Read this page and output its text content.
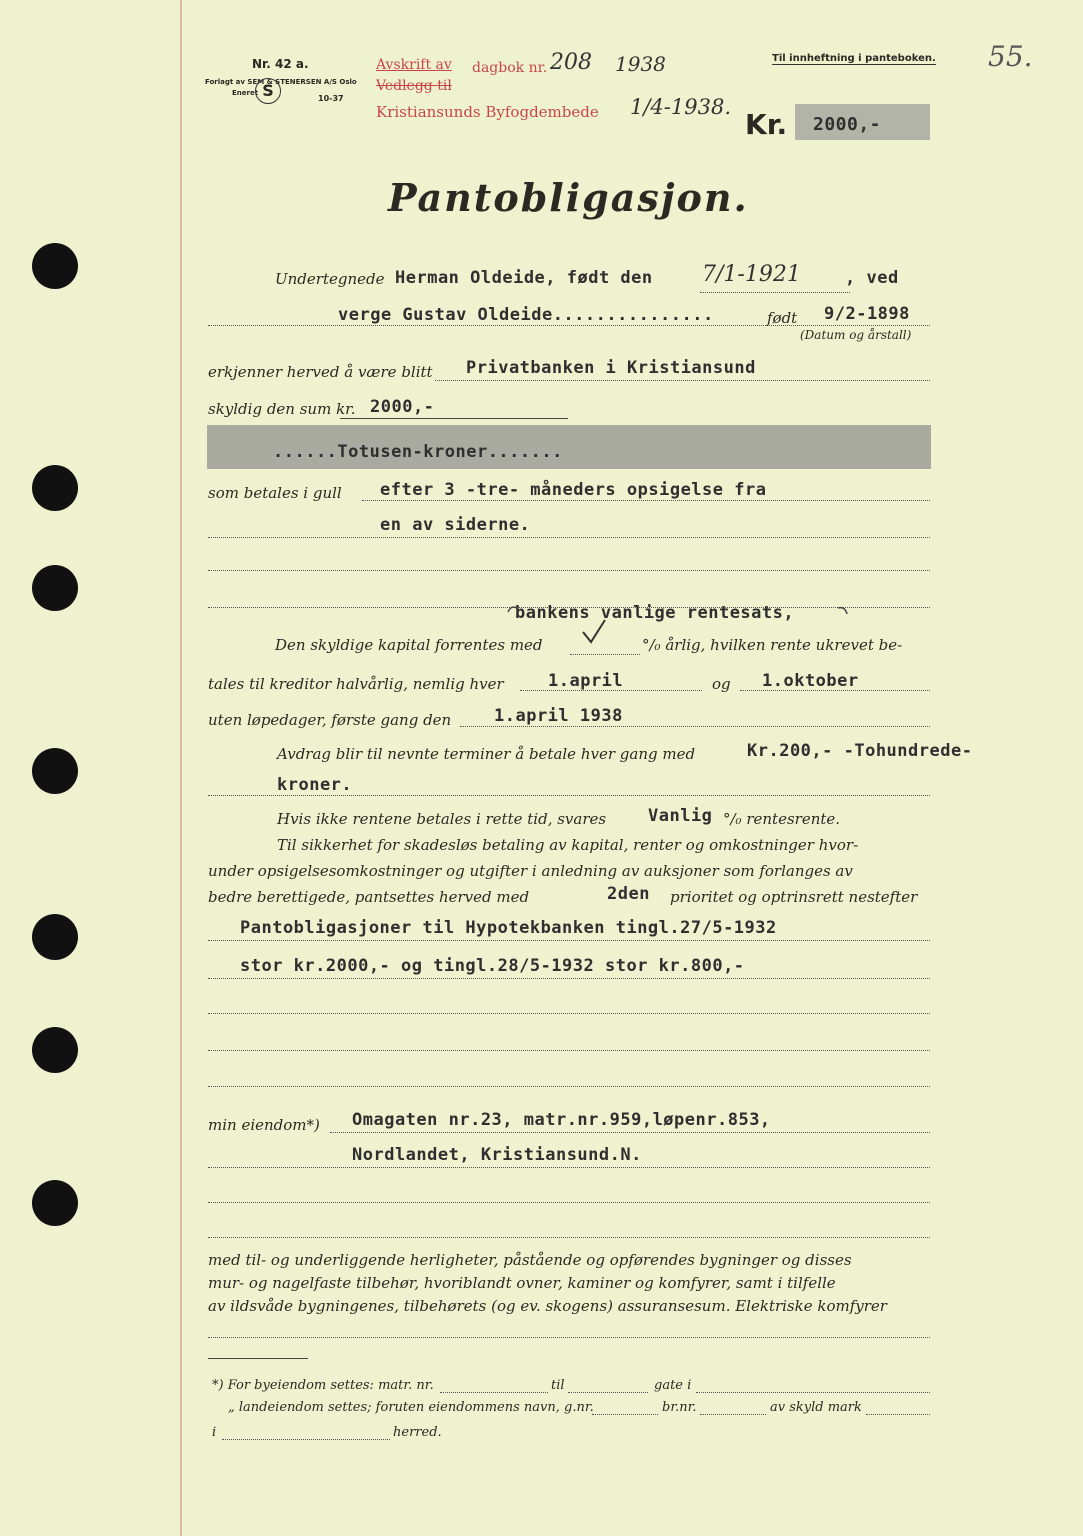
Nr. 42 a.
Forlagt av SEM & STENERSEN A/S Oslo
Eneret S	10-37
Avskrift av
Vedlegg til
Kristiansunds Byfogdembede
dagbok nr. 208 1938
1/4-1938.
Til innheftning i panteboken. 55.
Kr. 2000,-
Pantobligasjon.
Undertegnede Herman Oldeide, født den 7/1-1921	, ved
verge Gustav Oldeide...............	født 9/2-1898
(Datum og årstall)
erkjenner herved å være blitt Privatbanken i Kristiansund
skyldig den sum kr. 2000,-
......Totusen-kroner.......
som betales i gull efter 3 -tre- måneders opsigelse fra
en av siderne.
bankens vanlige rentesats,
Den skyldige kapital forrentes med	°/₀ årlig, hvilken rente ukrevet be-
tales til kreditor halvårlig, nemlig hver	1.april	og 1.oktober
uten løpedager, første gang den	1.april 1938
Avdrag blir til nevnte terminer å betale hver gang med	Kr.200,- -Tohundrede-
kroner.
Hvis ikke rentene betales i rette tid, svares Vanlig °/₀ rentesrente.
Til sikkerhet for skadesløs betaling av kapital, renter og omkostninger hvor-
under opsigelsesomkostninger og utgifter i anledning av auksjoner som forlanges av
bedre berettigede, pantsettes herved med	2den prioritet og optrinsrett nestefter
Pantobligasjoner til Hypotekbanken tingl.27/5-1932
stor kr.2000,- og tingl.28/5-1932 stor kr.800,-
min eiendom*) Omagaten nr.23, matr.nr.959,løpenr.853,
Nordlandet, Kristiansund.N.
med til- og underliggende herligheter, påstående og opførendes bygninger og disses
mur- og nagelfaste tilbehør, hvoriblandt ovner, kaminer og komfyrer, samt i tilfelle
av ildsvåde bygningenes, tilbehørets (og ev. skogens) assuransesum. Elektriske komfyrer
*) For byeiendom settes: matr. nr.	til	gate i
„ landeiendom settes; foruten eiendommens navn, g.nr.	br.nr.	av skyld mark
i	herred.
